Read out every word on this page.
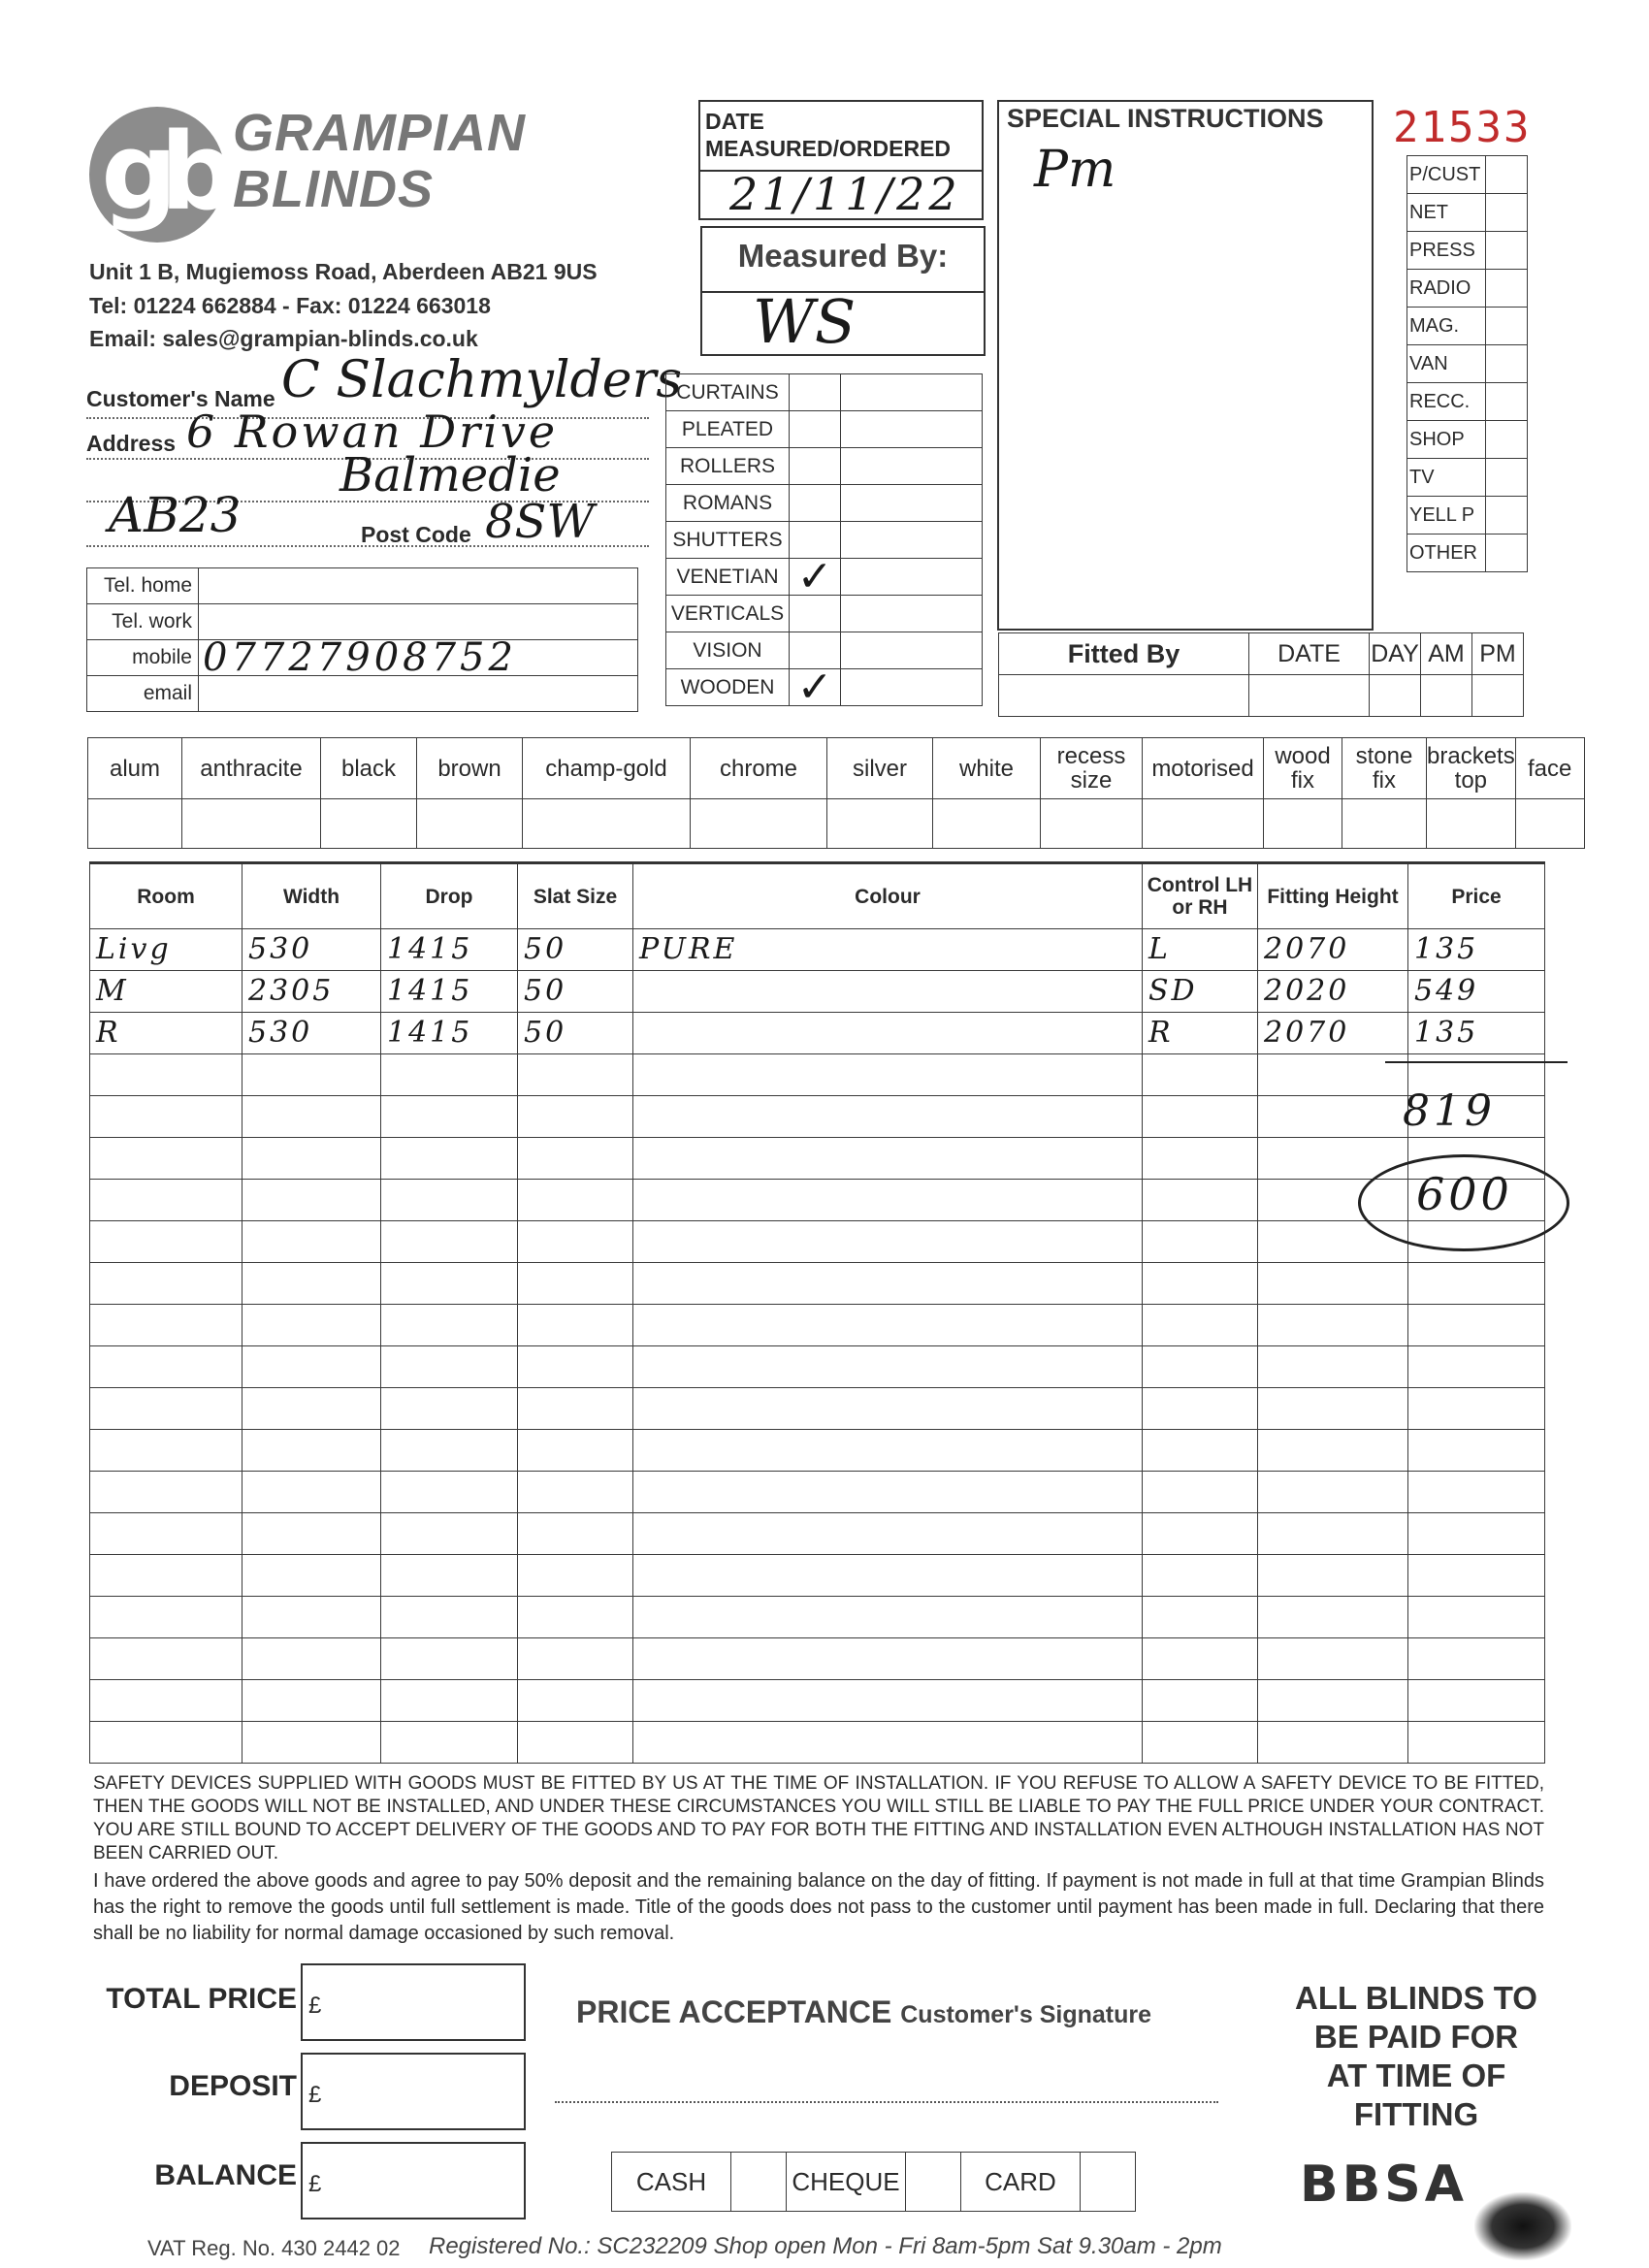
gb GRAMPIAN
BLINDS
Unit 1 B, Mugiemoss Road, Aberdeen AB21 9US
Tel: 01224 662884 - Fax: 01224 663018
Email: sales@grampian-blinds.co.uk
Customer's Name C Slachmylders
Address 6 Rowan Drive
Balmedie
AB23	Post Code 8SW
DATE
MEASURED/ORDERED
21/11/22
Measured By:
WS
SPECIAL INSTRUCTIONS
Pm
21533
P/CUST	
NET	
PRESS	
RADIO	
MAG.	
VAN	
RECC.	
SHOP	
TV	
YELL P	
OTHER	
CURTAINS		
PLEATED		
ROLLERS		
ROMANS		
SHUTTERS		
VENETIAN	✓	
VERTICALS		
VISION		
WOODEN	✓	
Tel. home	
Tel. work	
mobile	07727908752
email	
Fitted By	DATE	DAY	AM	PM

alum	anthracite	black	brown	champ-gold	chrome	silver	white	recess size	motorised	wood fix	stone fix	brackets top	face

Room	Width	Drop	Slat Size	Colour	Control LH or RH	Fitting Height	Price
Livg	530	1415	50	PURE	L	2070	135
M	2305	1415	50		SD	2020	549
R	530	1415	50		R	2070	135

819
600
SAFETY DEVICES SUPPLIED WITH GOODS MUST BE FITTED BY US AT THE TIME OF INSTALLATION. IF YOU REFUSE TO ALLOW A SAFETY DEVICE TO BE FITTED, THEN THE GOODS WILL NOT BE INSTALLED, AND UNDER THESE CIRCUMSTANCES YOU WILL STILL BE LIABLE TO PAY THE FULL PRICE UNDER YOUR CONTRACT. YOU ARE STILL BOUND TO ACCEPT DELIVERY OF THE GOODS AND TO PAY FOR BOTH THE FITTING AND INSTALLATION EVEN ALTHOUGH INSTALLATION HAS NOT BEEN CARRIED OUT.
I have ordered the above goods and agree to pay 50% deposit and the remaining balance on the day of fitting. If payment is not made in full at that time Grampian Blinds has the right to remove the goods until full settlement is made. Title of the goods does not pass to the customer until payment has been made in full. Declaring that there shall be no liability for normal damage occasioned by such removal.
TOTAL PRICE £
DEPOSIT £
BALANCE £
PRICE ACCEPTANCE Customer's Signature
CASH		CHEQUE		CARD	
ALL BLINDS TO
BE PAID FOR
AT TIME OF
FITTING
BBSA
VAT Reg. No. 430 2442 02 Registered No.: SC232209 Shop open Mon - Fri 8am-5pm Sat 9.30am - 2pm
